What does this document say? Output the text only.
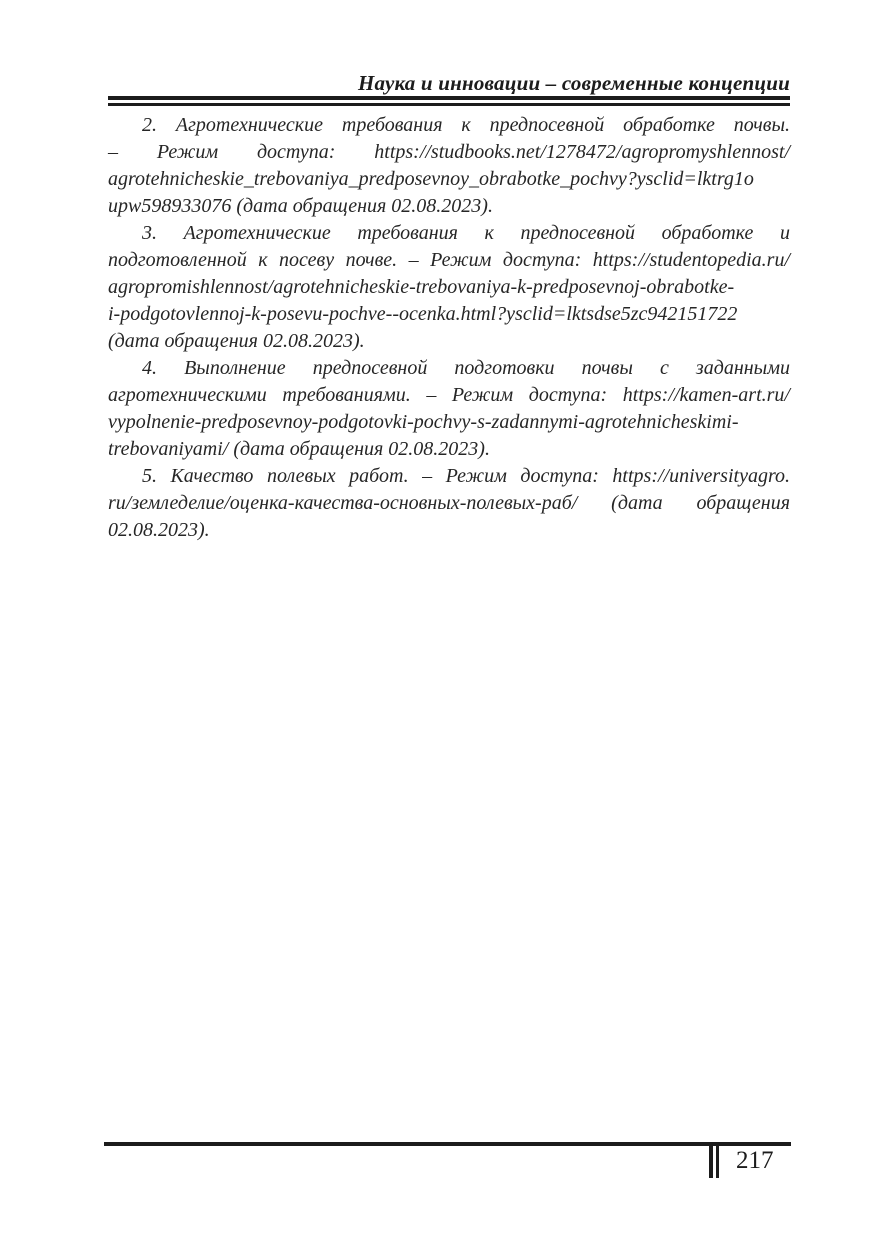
Наука и инновации – современные концепции

2. Агротехнические требования к предпосевной обработке почвы.
– Режим доступа: https://studbooks.net/1278472/agropromyshlennost/
agrotehnicheskie_trebovaniya_predposevnoy_obrabotke_pochvy?ysclid=lktrg1o
upw598933076 (дата обращения 02.08.2023).

3. Агротехнические требования к предпосевной обработке и
подготовленной к посеву почве. – Режим доступа: https://studentopedia.ru/
agropromishlennost/agrotehnicheskie-trebovaniya-k-predposevnoj-obrabotke-
i-podgotovlennoj-k-posevu-pochve--ocenka.html?ysclid=lktsdse5zc942151722
(дата обращения 02.08.2023).

4. Выполнение предпосевной подготовки почвы с заданными
агротехническими требованиями. – Режим доступа: https://kamen-art.ru/
vypolnenie-predposevnoy-podgotovki-pochvy-s-zadannymi-agrotehnicheskimi-
trebovaniyami/ (дата обращения 02.08.2023).

5. Качество полевых работ. – Режим доступа: https://universityagro.
ru/земледелие/оценка-качества-основных-полевых-раб/ (дата обращения
02.08.2023).

217
